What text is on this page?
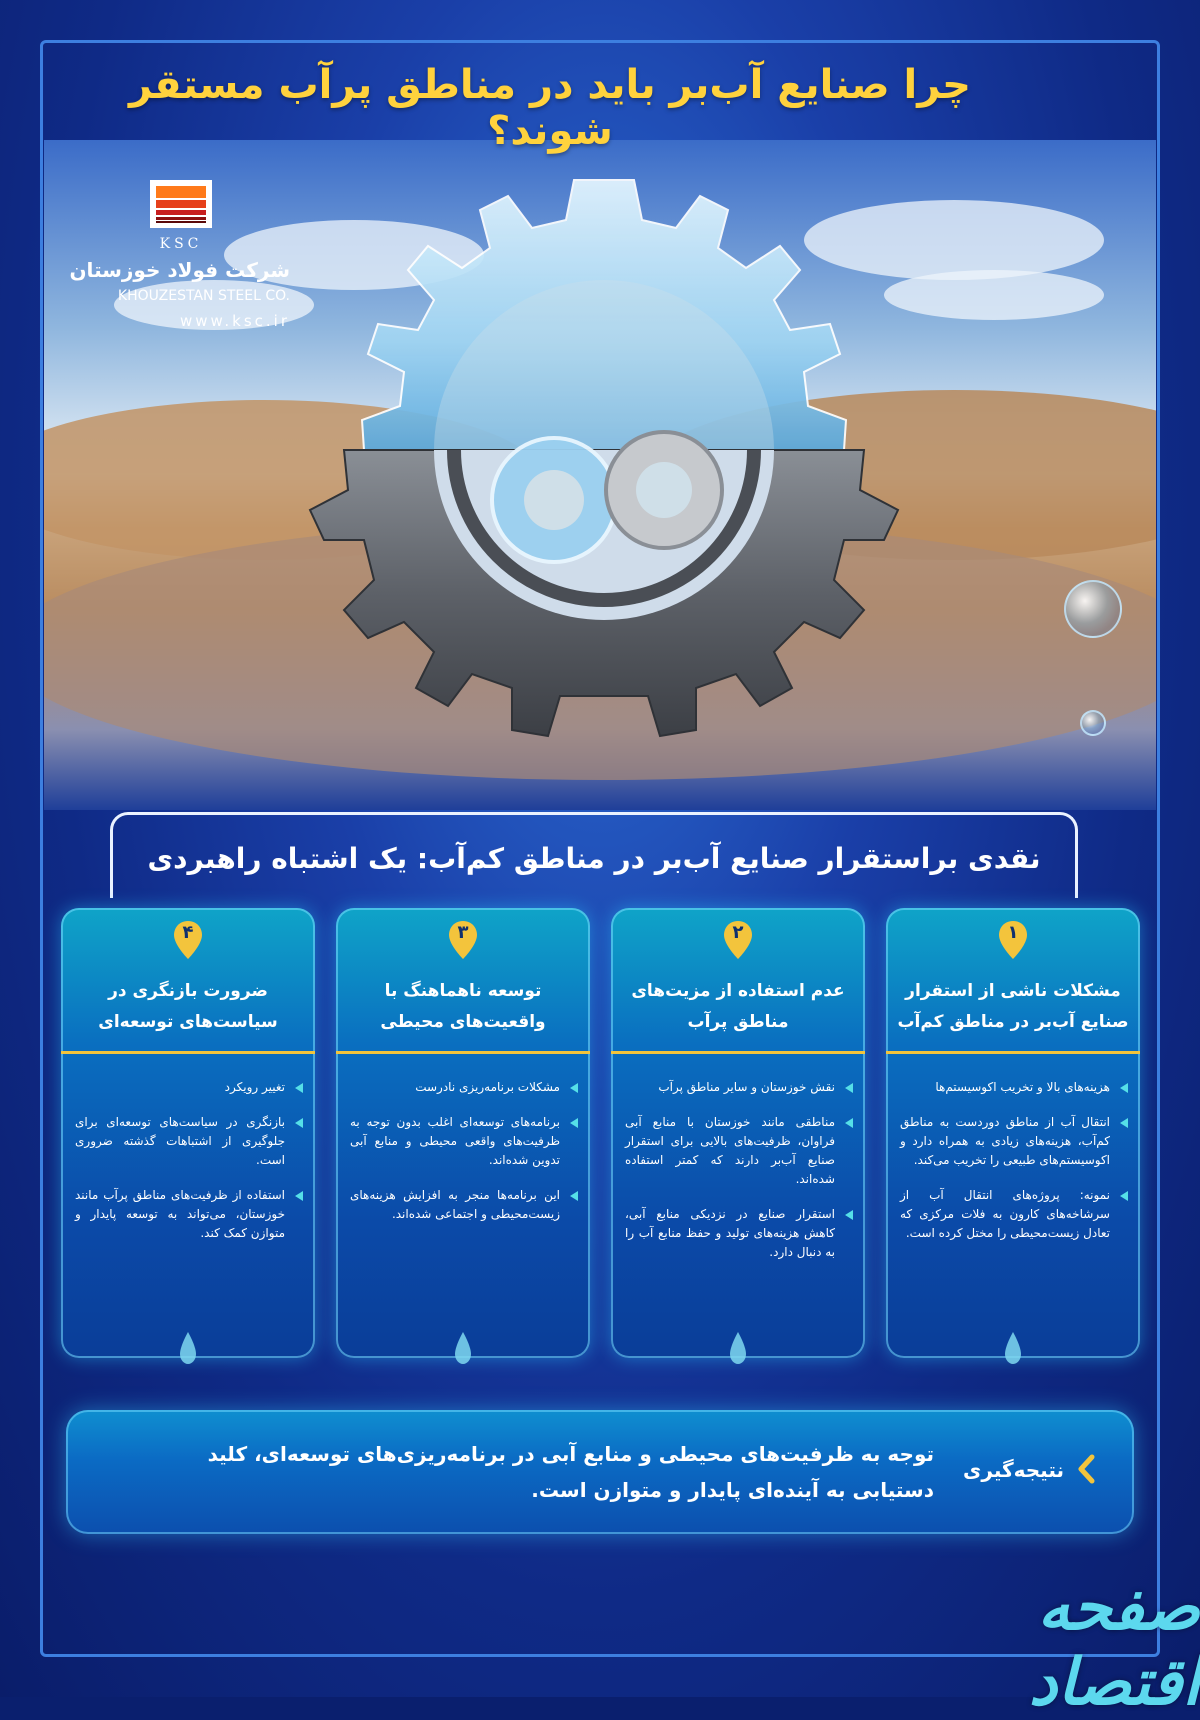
چرا صنایع آب‌بر باید در مناطق پرآب مستقر شوند؟
KSC
شرکت فولاد خوزستان
KHOUZESTAN STEEL CO.
www.ksc.ir
نقدی براستقرار صنایع آب‌بر در مناطق کم‌آب: یک اشتباه راهبردی
۱
مشکلات ناشی از استقرار صنایع آب‌بر در مناطق کم‌آب
هزینه‌های بالا و تخریب اکوسیستم‌ها
انتقال آب از مناطق دوردست به مناطق کم‌آب، هزینه‌های زیادی به همراه دارد و اکوسیستم‌های طبیعی را تخریب می‌کند.
نمونه: پروژه‌های انتقال آب از سرشاخه‌های کارون به فلات مرکزی که تعادل زیست‌محیطی را مختل کرده است.
۲
عدم استفاده از مزیت‌های مناطق پرآب
نقش خوزستان و سایر مناطق پرآب
مناطقی مانند خوزستان با منابع آبی فراوان، ظرفیت‌های بالایی برای استقرار صنایع آب‌بر دارند که کمتر استفاده شده‌اند.
استقرار صنایع در نزدیکی منابع آبی، کاهش هزینه‌های تولید و حفظ منابع آب را به دنبال دارد.
۳
توسعه ناهماهنگ با واقعیت‌های محیطی
مشکلات برنامه‌ریزی نادرست
برنامه‌های توسعه‌ای اغلب بدون توجه به ظرفیت‌های واقعی محیطی و منابع آبی تدوین شده‌اند.
این برنامه‌ها منجر به افزایش هزینه‌های زیست‌محیطی و اجتماعی شده‌اند.
۴
ضرورت بازنگری در سیاست‌های توسعه‌ای
تغییر رویکرد
بازنگری در سیاست‌های توسعه‌ای برای جلوگیری از اشتباهات گذشته ضروری است.
استفاده از ظرفیت‌های مناطق پرآب مانند خوزستان، می‌تواند به توسعه پایدار و متوازن کمک کند.
نتیجه‌گیری
توجه به ظرفیت‌های محیطی و منابع آبی در برنامه‌ریزی‌های توسعه‌ای، کلید دستیابی به آینده‌ای پایدار و متوازن است.
صفحه اقتصاد
